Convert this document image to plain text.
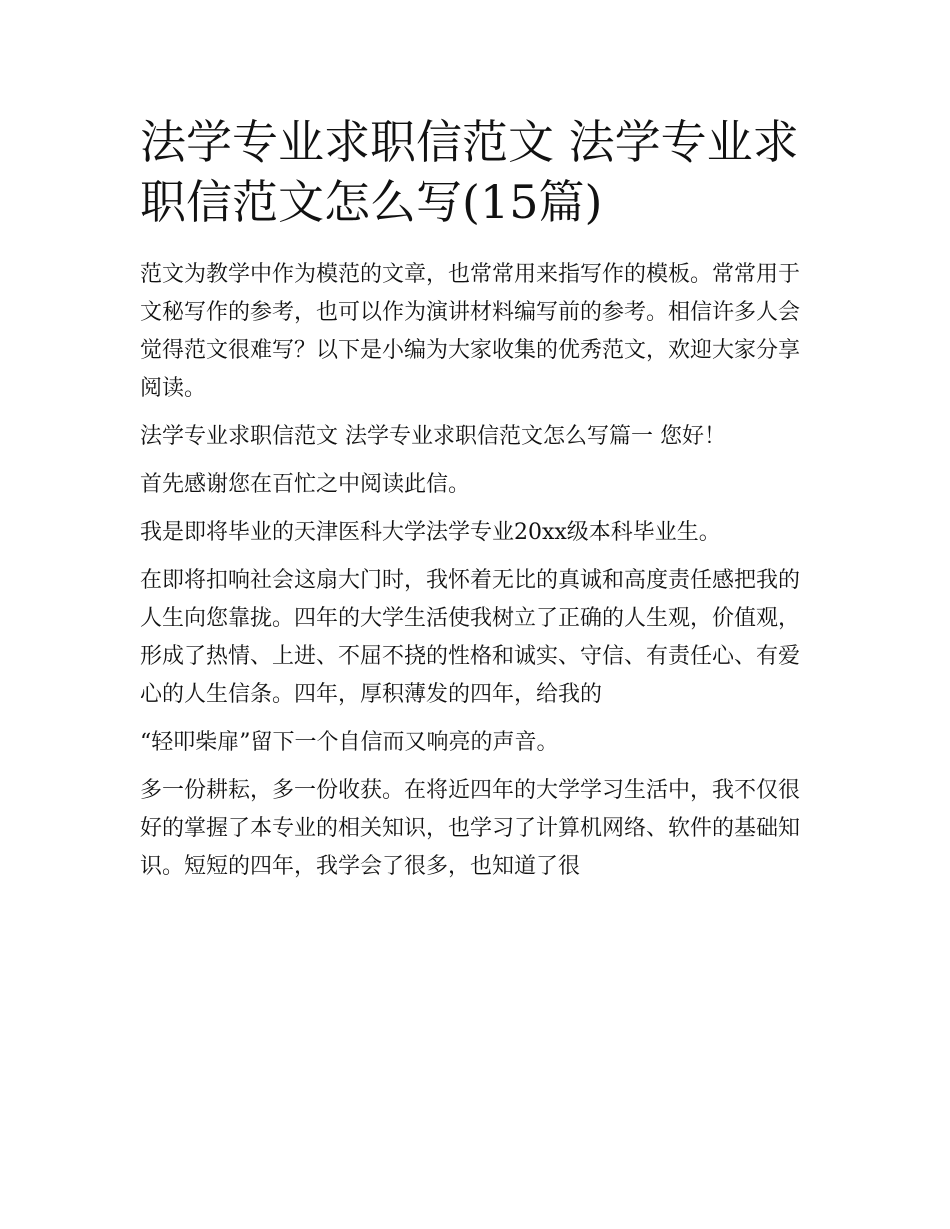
法学专业求职信范文 法学专业求职信范文怎么写(15篇)

范文为教学中作为模范的文章，也常常用来指写作的模板。常常用于文秘写作的参考，也可以作为演讲材料编写前的参考。相信许多人会觉得范文很难写？以下是小编为大家收集的优秀范文，欢迎大家分享阅读。

法学专业求职信范文 法学专业求职信范文怎么写篇一 您好！

首先感谢您在百忙之中阅读此信。

我是即将毕业的天津医科大学法学专业20xx级本科毕业生。

在即将扣响社会这扇大门时，我怀着无比的真诚和高度责任感把我的人生向您靠拢。四年的大学生活使我树立了正确的人生观，价值观，形成了热情、上进、不屈不挠的性格和诚实、守信、有责任心、有爱心的人生信条。四年，厚积薄发的四年，给我的

“轻叩柴扉”留下一个自信而又响亮的声音。

多一份耕耘，多一份收获。在将近四年的大学学习生活中，我不仅很好的掌握了本专业的相关知识，也学习了计算机网络、软件的基础知识。短短的四年，我学会了很多，也知道了很
